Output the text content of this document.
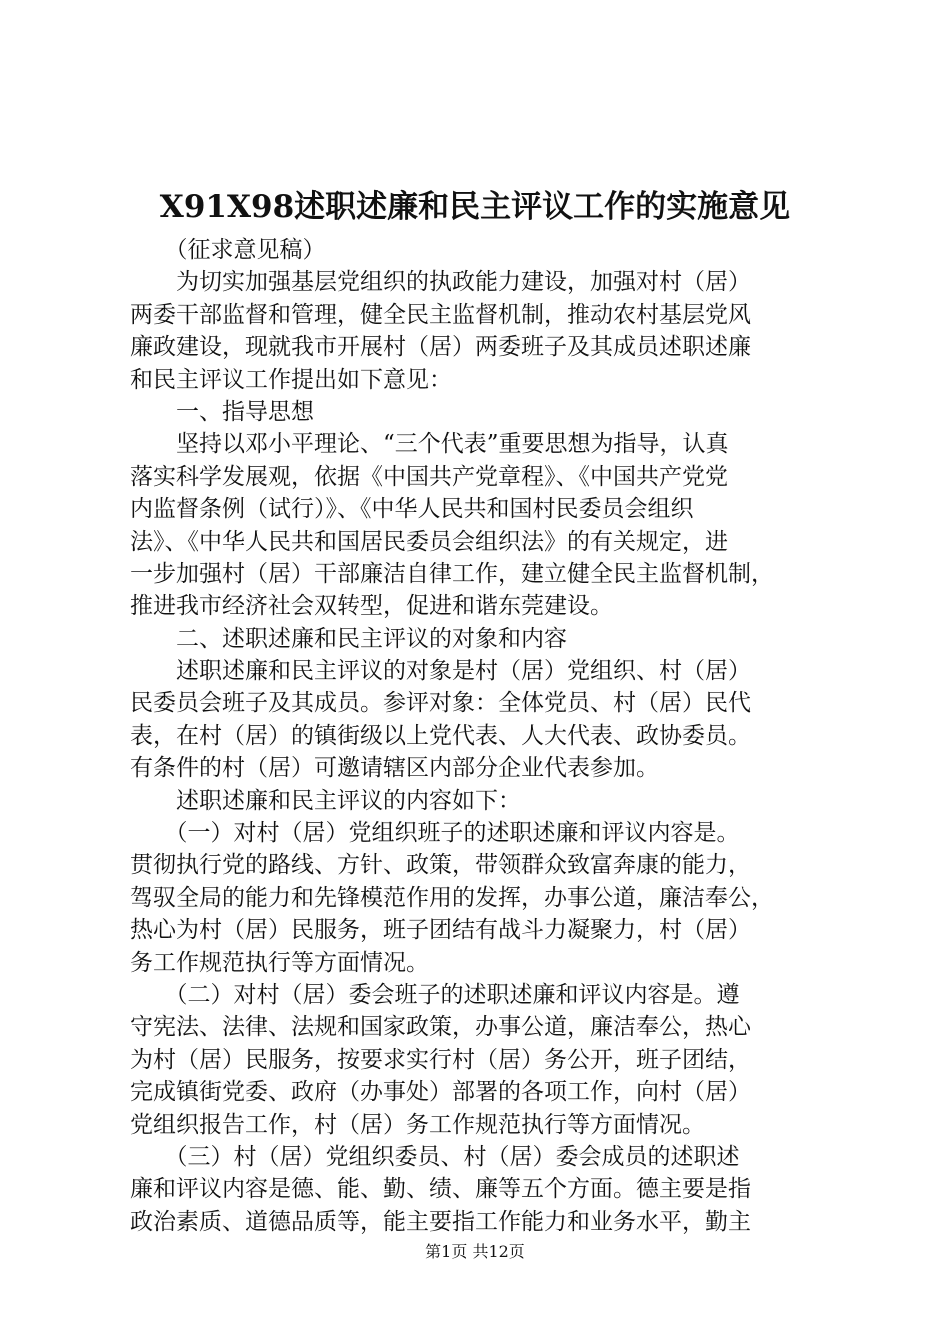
X91X98述职述廉和民主评议工作的实施意见
　　（征求意见稿）
　　为切实加强基层党组织的执政能力建设，加强对村（居）
两委干部监督和管理，健全民主监督机制，推动农村基层党风
廉政建设，现就我市开展村（居）两委班子及其成员述职述廉
和民主评议工作提出如下意见：
　　一、指导思想
　　坚持以邓小平理论、“三个代表”重要思想为指导，认真
落实科学发展观，依据《中国共产党章程》、《中国共产党党
内监督条例（试行）》、《中华人民共和国村民委员会组织
法》、《中华人民共和国居民委员会组织法》的有关规定，进
一步加强村（居）干部廉洁自律工作，建立健全民主监督机制，
推进我市经济社会双转型，促进和谐东莞建设。
　　二、述职述廉和民主评议的对象和内容
　　述职述廉和民主评议的对象是村（居）党组织、村（居）
民委员会班子及其成员。参评对象：全体党员、村（居）民代
表，在村（居）的镇街级以上党代表、人大代表、政协委员。
有条件的村（居）可邀请辖区内部分企业代表参加。
　　述职述廉和民主评议的内容如下：
　　（一）对村（居）党组织班子的述职述廉和评议内容是。
贯彻执行党的路线、方针、政策，带领群众致富奔康的能力，
驾驭全局的能力和先锋模范作用的发挥，办事公道，廉洁奉公，
热心为村（居）民服务，班子团结有战斗力凝聚力，村（居）
务工作规范执行等方面情况。
　　（二）对村（居）委会班子的述职述廉和评议内容是。遵
守宪法、法律、法规和国家政策，办事公道，廉洁奉公，热心
为村（居）民服务，按要求实行村（居）务公开，班子团结，
完成镇街党委、政府（办事处）部署的各项工作，向村（居）
党组织报告工作，村（居）务工作规范执行等方面情况。
　　（三）村（居）党组织委员、村（居）委会成员的述职述
廉和评议内容是德、能、勤、绩、廉等五个方面。德主要是指
政治素质、道德品质等，能主要指工作能力和业务水平，勤主
第1页 共12页
